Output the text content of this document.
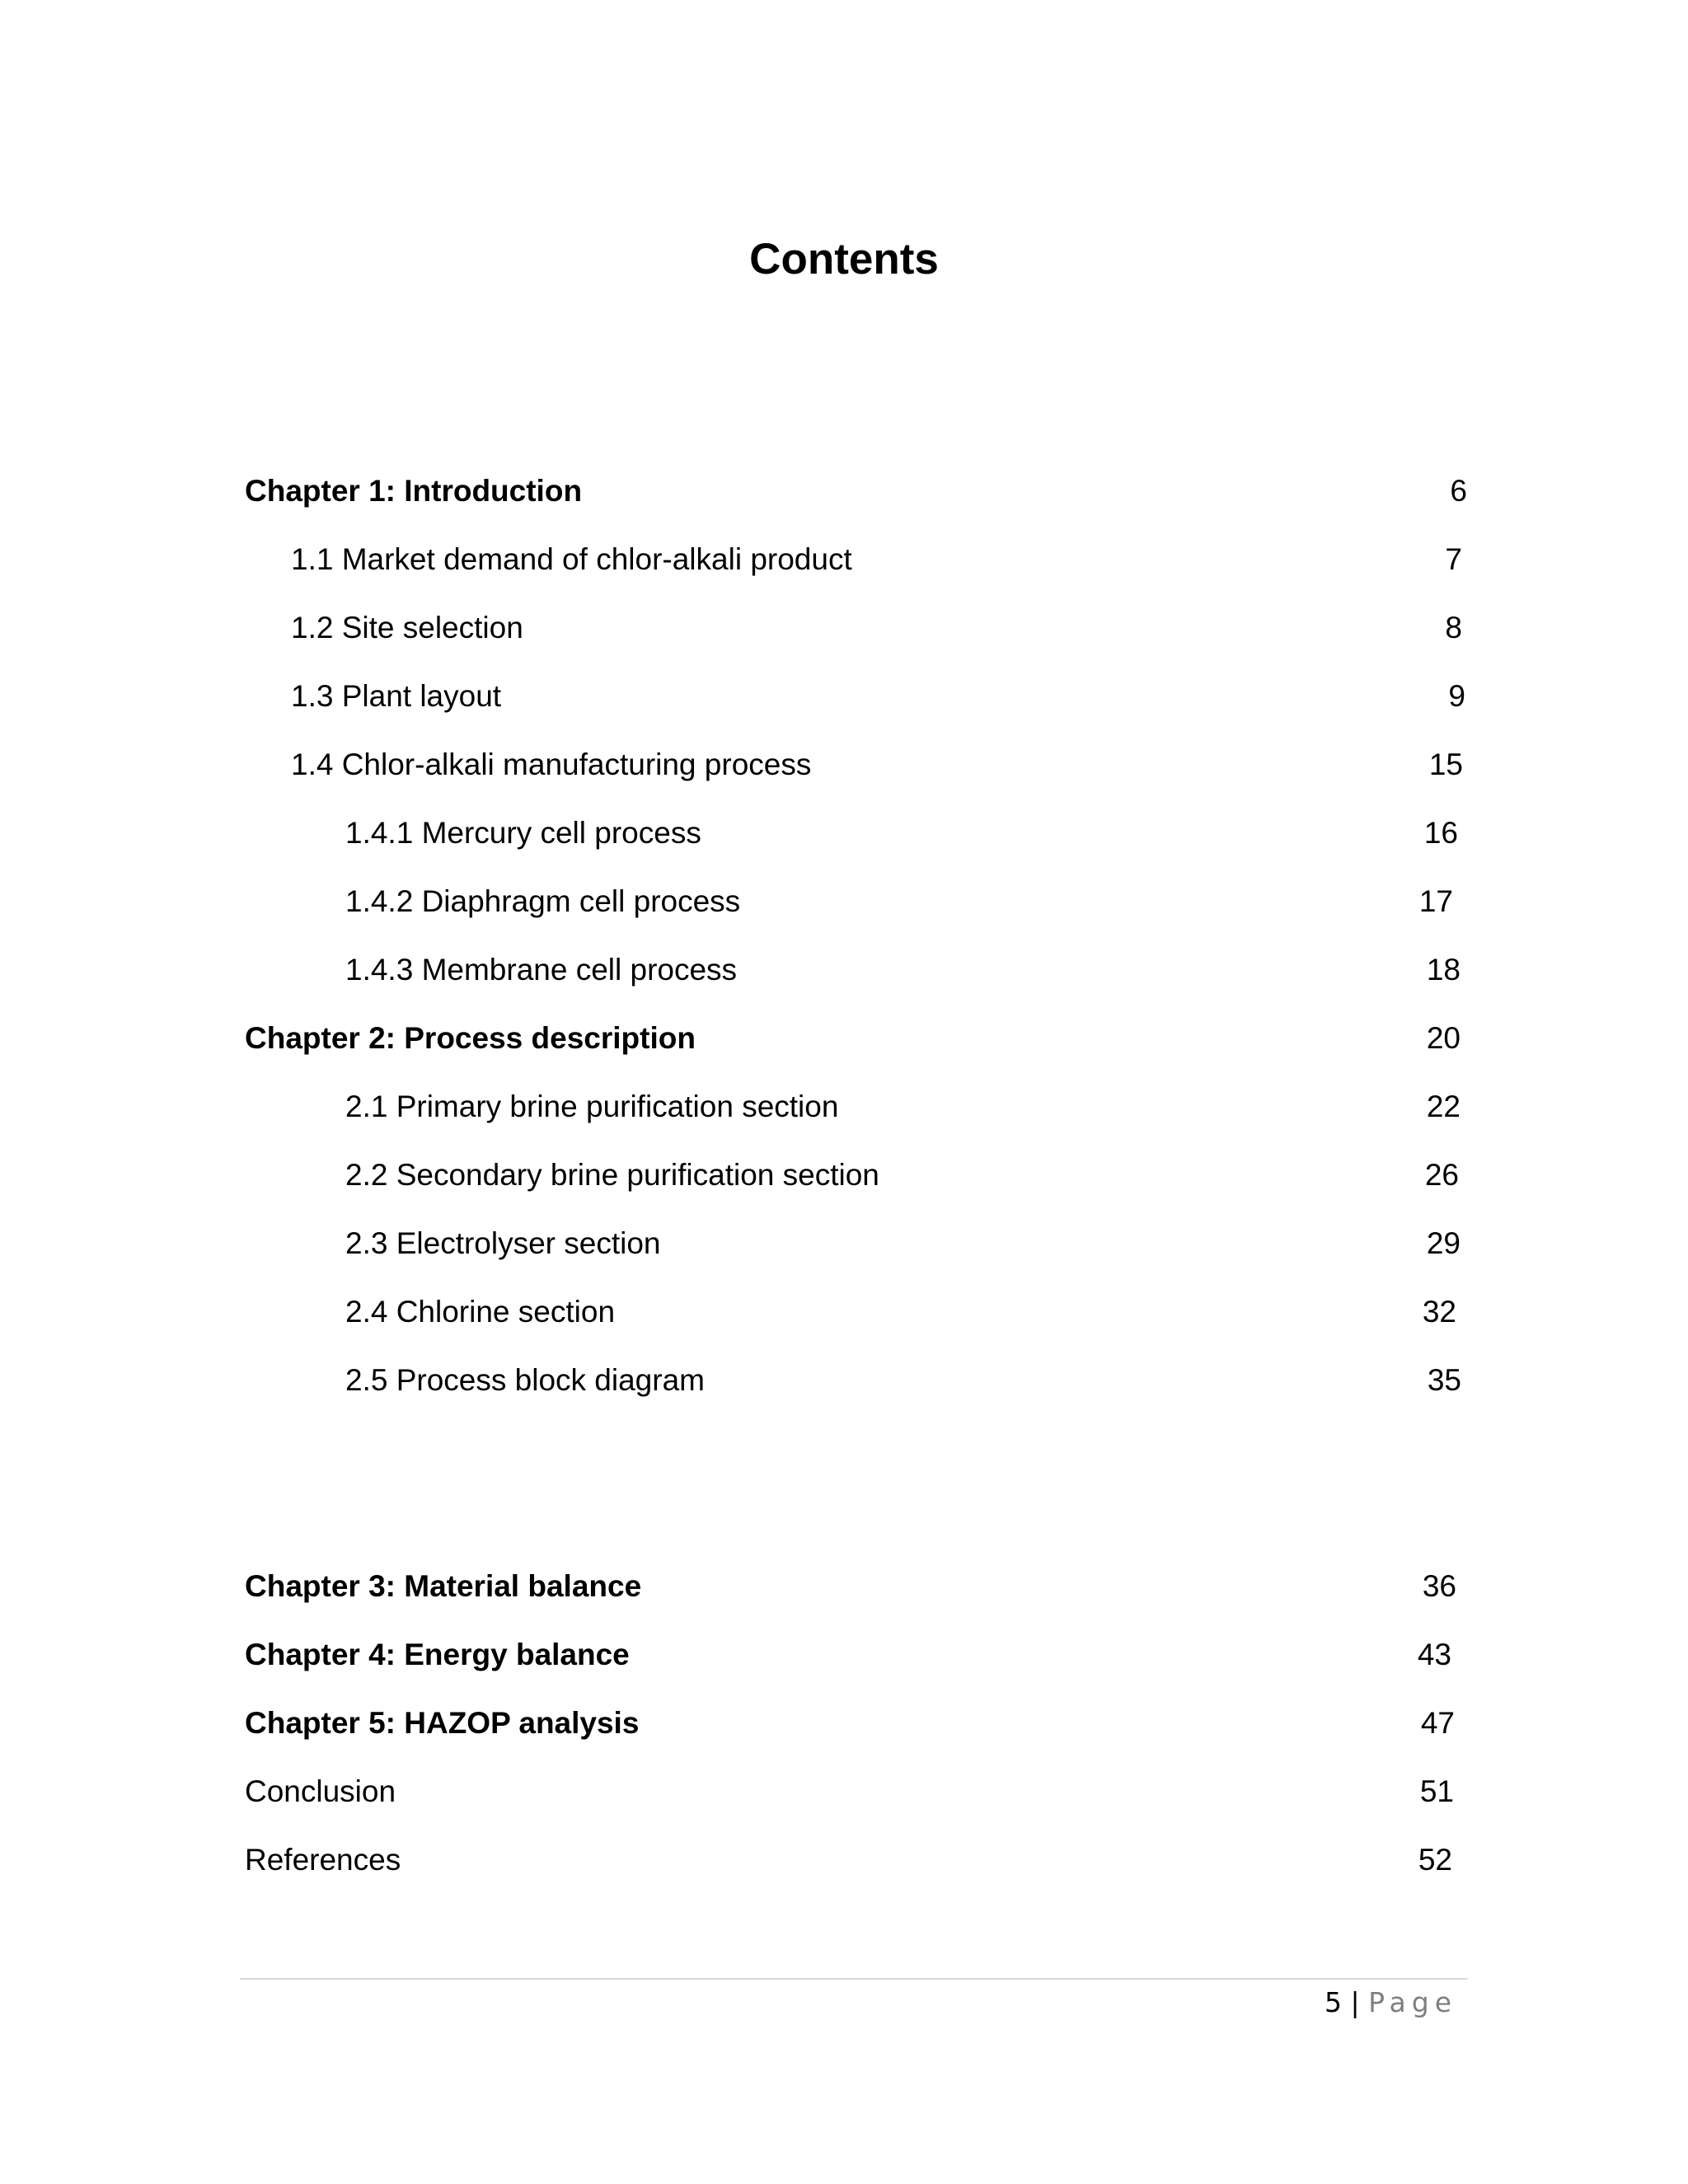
Contents
Chapter 1: Introduction	6
1.1 Market demand of chlor-alkali product	7
1.2 Site selection	8
1.3 Plant layout	9
1.4 Chlor-alkali manufacturing process	15
1.4.1 Mercury cell process	16
1.4.2 Diaphragm cell process	17
1.4.3 Membrane cell process	18
Chapter 2: Process description	20
2.1 Primary brine purification section	22
2.2 Secondary brine purification section	26
2.3 Electrolyser section	29
2.4 Chlorine section	32
2.5 Process block diagram	35
Chapter 3: Material balance	36
Chapter 4: Energy balance	43
Chapter 5: HAZOP analysis	47
Conclusion	51
References	52
5 | Page
